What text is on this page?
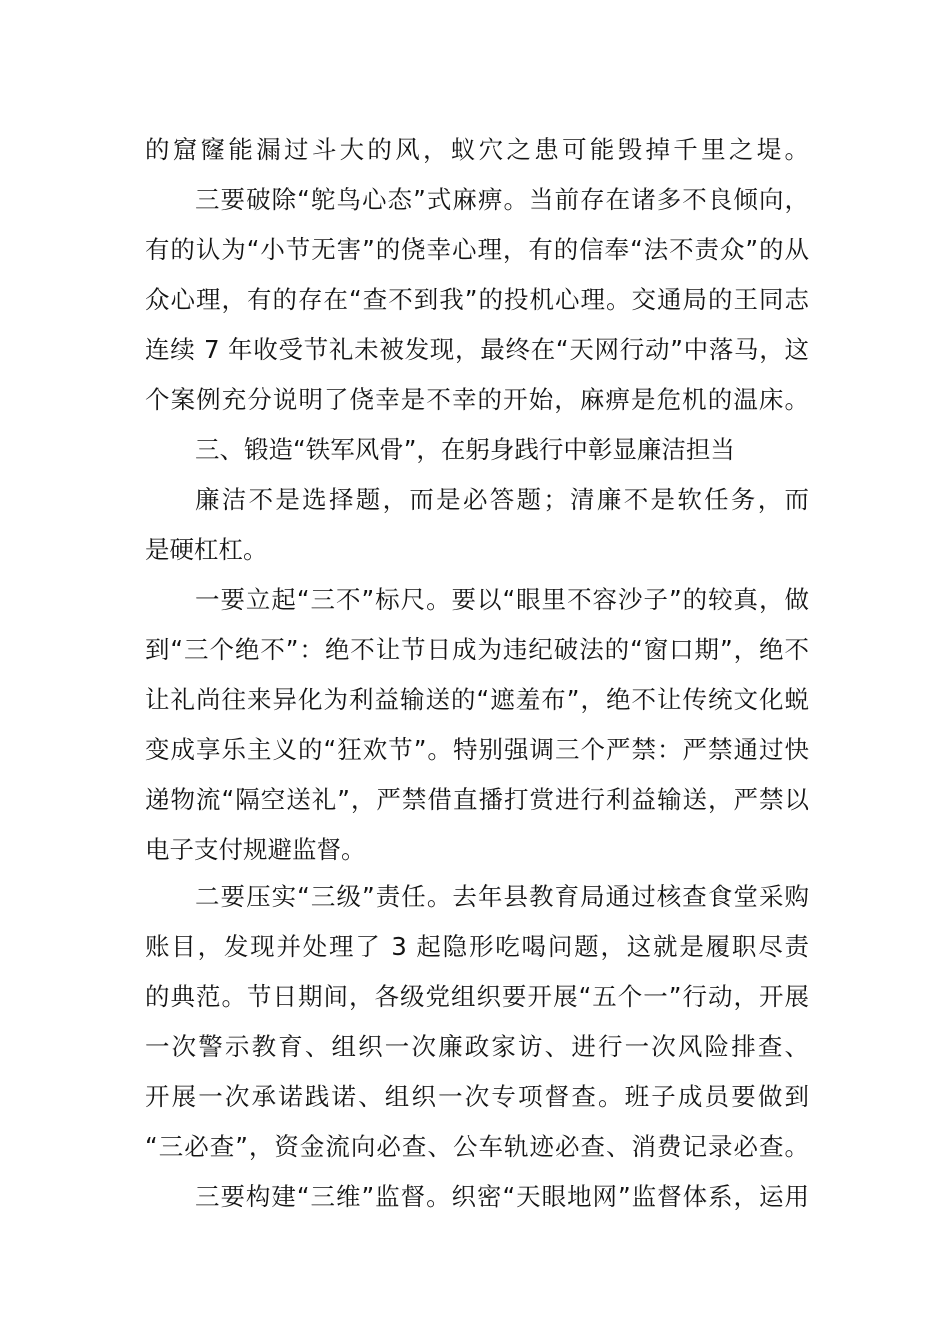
的窟窿能漏过斗大的风，蚁穴之患可能毁掉千里之堤。
三要破除“鸵鸟心态”式麻痹。当前存在诸多不良倾向，
有的认为“小节无害”的侥幸心理，有的信奉“法不责众”的从
众心理，有的存在“查不到我”的投机心理。交通局的王同志
连续 7 年收受节礼未被发现，最终在“天网行动”中落马，这
个案例充分说明了侥幸是不幸的开始，麻痹是危机的温床。
三、锻造“铁军风骨”，在躬身践行中彰显廉洁担当
廉洁不是选择题，而是必答题；清廉不是软任务，而
是硬杠杠。
一要立起“三不”标尺。要以“眼里不容沙子”的较真，做
到“三个绝不”：绝不让节日成为违纪破法的“窗口期”，绝不
让礼尚往来异化为利益输送的“遮羞布”，绝不让传统文化蜕
变成享乐主义的“狂欢节”。特别强调三个严禁：严禁通过快
递物流“隔空送礼”，严禁借直播打赏进行利益输送，严禁以
电子支付规避监督。
二要压实“三级”责任。去年县教育局通过核查食堂采购
账目，发现并处理了 3 起隐形吃喝问题，这就是履职尽责
的典范。节日期间，各级党组织要开展“五个一”行动，开展
一次警示教育、组织一次廉政家访、进行一次风险排查、
开展一次承诺践诺、组织一次专项督查。班子成员要做到
“三必查”，资金流向必查、公车轨迹必查、消费记录必查。
三要构建“三维”监督。织密“天眼地网”监督体系，运用
